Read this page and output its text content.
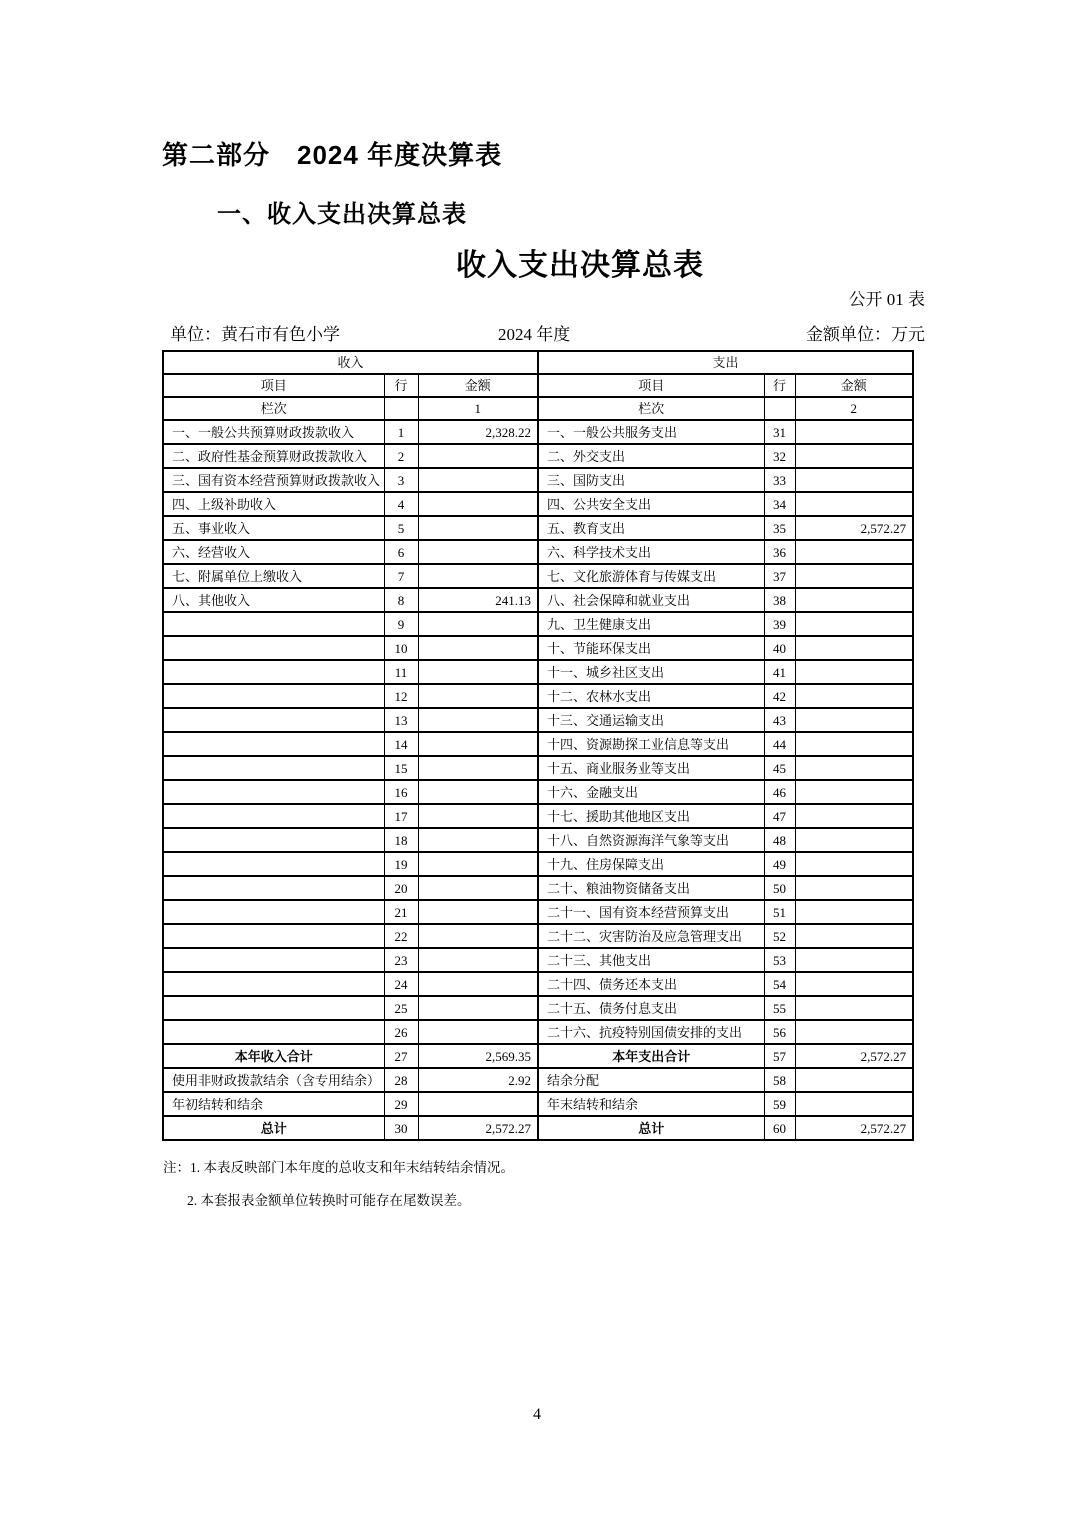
第二部分　2024 年度决算表
一、收入支出决算总表
收入支出决算总表
公开 01 表
单位：黄石市有色小学	2024 年度	金额单位：万元
收入			支出		
项目	行	金额	项目	行	金额
栏次		1	栏次		2
一、一般公共预算财政拨款收入	1	2,328.22	一、一般公共服务支出	31	
二、政府性基金预算财政拨款收入	2		二、外交支出	32	
三、国有资本经营预算财政拨款收入	3		三、国防支出	33	
四、上级补助收入	4		四、公共安全支出	34	
五、事业收入	5		五、教育支出	35	2,572.27
六、经营收入	6		六、科学技术支出	36	
七、附属单位上缴收入	7		七、文化旅游体育与传媒支出	37	
八、其他收入	8	241.13	八、社会保障和就业支出	38	
	9		九、卫生健康支出	39	
	10		十、节能环保支出	40	
	11		十一、城乡社区支出	41	
	12		十二、农林水支出	42	
	13		十三、交通运输支出	43	
	14		十四、资源勘探工业信息等支出	44	
	15		十五、商业服务业等支出	45	
	16		十六、金融支出	46	
	17		十七、援助其他地区支出	47	
	18		十八、自然资源海洋气象等支出	48	
	19		十九、住房保障支出	49	
	20		二十、粮油物资储备支出	50	
	21		二十一、国有资本经营预算支出	51	
	22		二十二、灾害防治及应急管理支出	52	
	23		二十三、其他支出	53	
	24		二十四、债务还本支出	54	
	25		二十五、债务付息支出	55	
	26		二十六、抗疫特别国债安排的支出	56	
本年收入合计	27	2,569.35	本年支出合计	57	2,572.27
使用非财政拨款结余（含专用结余）	28	2.92	结余分配	58	
年初结转和结余	29		年末结转和结余	59	
总计	30	2,572.27	总计	60	2,572.27
注：1. 本表反映部门本年度的总收支和年末结转结余情况。
2. 本套报表金额单位转换时可能存在尾数误差。
4
